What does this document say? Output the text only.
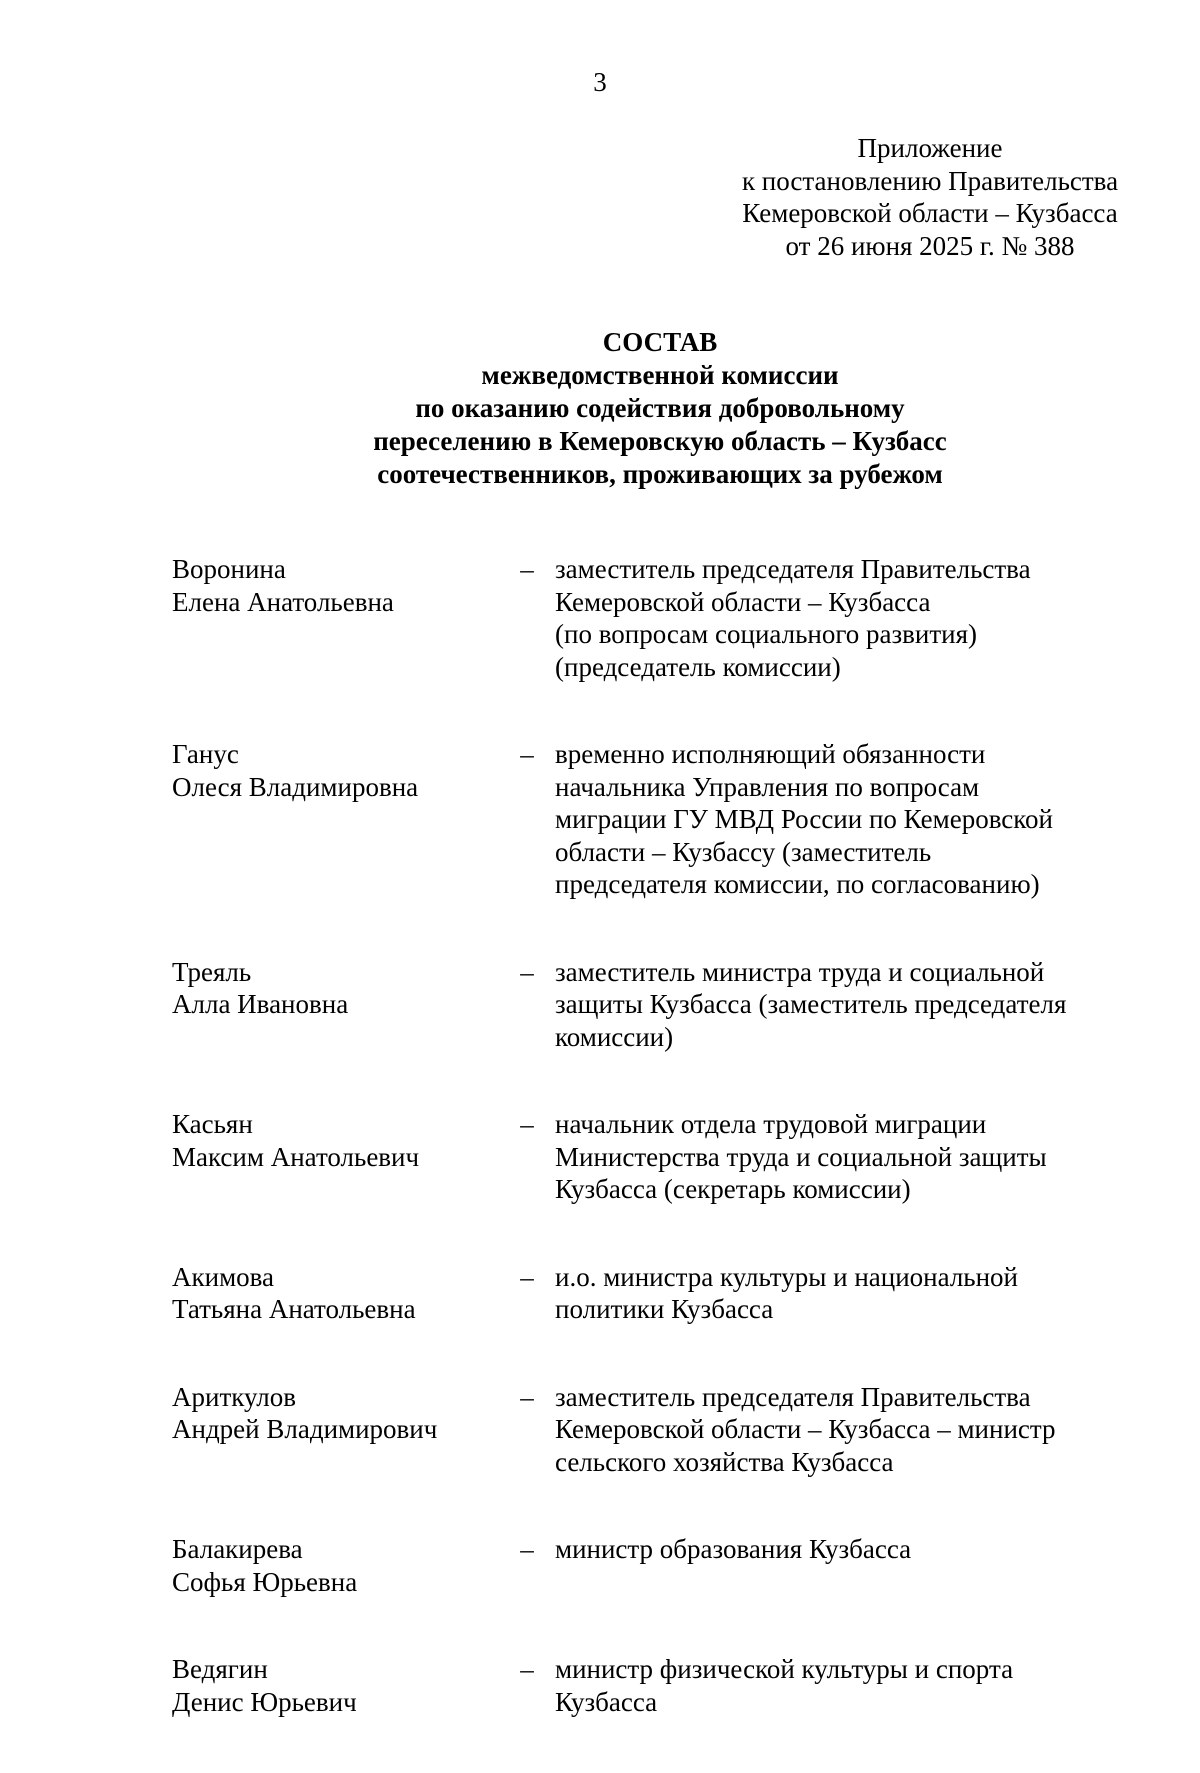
3
Приложение
к постановлению Правительства
Кемеровской области – Кузбасса
от 26 июня 2025 г. № 388
СОСТАВ
межведомственной комиссии
по оказанию содействия добровольному
переселению в Кемеровскую область – Кузбасс
соотечественников, проживающих за рубежом
Воронина
Елена Анатольевна
– заместитель председателя Правительства
Кемеровской области – Кузбасса
(по вопросам социального развития)
(председатель комиссии)
Ганус
Олеся Владимировна
– временно исполняющий обязанности
начальника Управления по вопросам
миграции ГУ МВД России по Кемеровской
области – Кузбассу (заместитель
председателя комиссии, по согласованию)
Треяль
Алла Ивановна
– заместитель министра труда и социальной
защиты Кузбасса (заместитель председателя
комиссии)
Касьян
Максим Анатольевич
– начальник отдела трудовой миграции
Министерства труда и социальной защиты
Кузбасса (секретарь комиссии)
Акимова
Татьяна Анатольевна
– и.о. министра культуры и национальной
политики Кузбасса
Ариткулов
Андрей Владимирович
– заместитель председателя Правительства
Кемеровской области – Кузбасса – министр
сельского хозяйства Кузбасса
Балакирева
Софья Юрьевна
– министр образования Кузбасса
Ведягин
Денис Юрьевич
– министр физической культуры и спорта
Кузбасса
